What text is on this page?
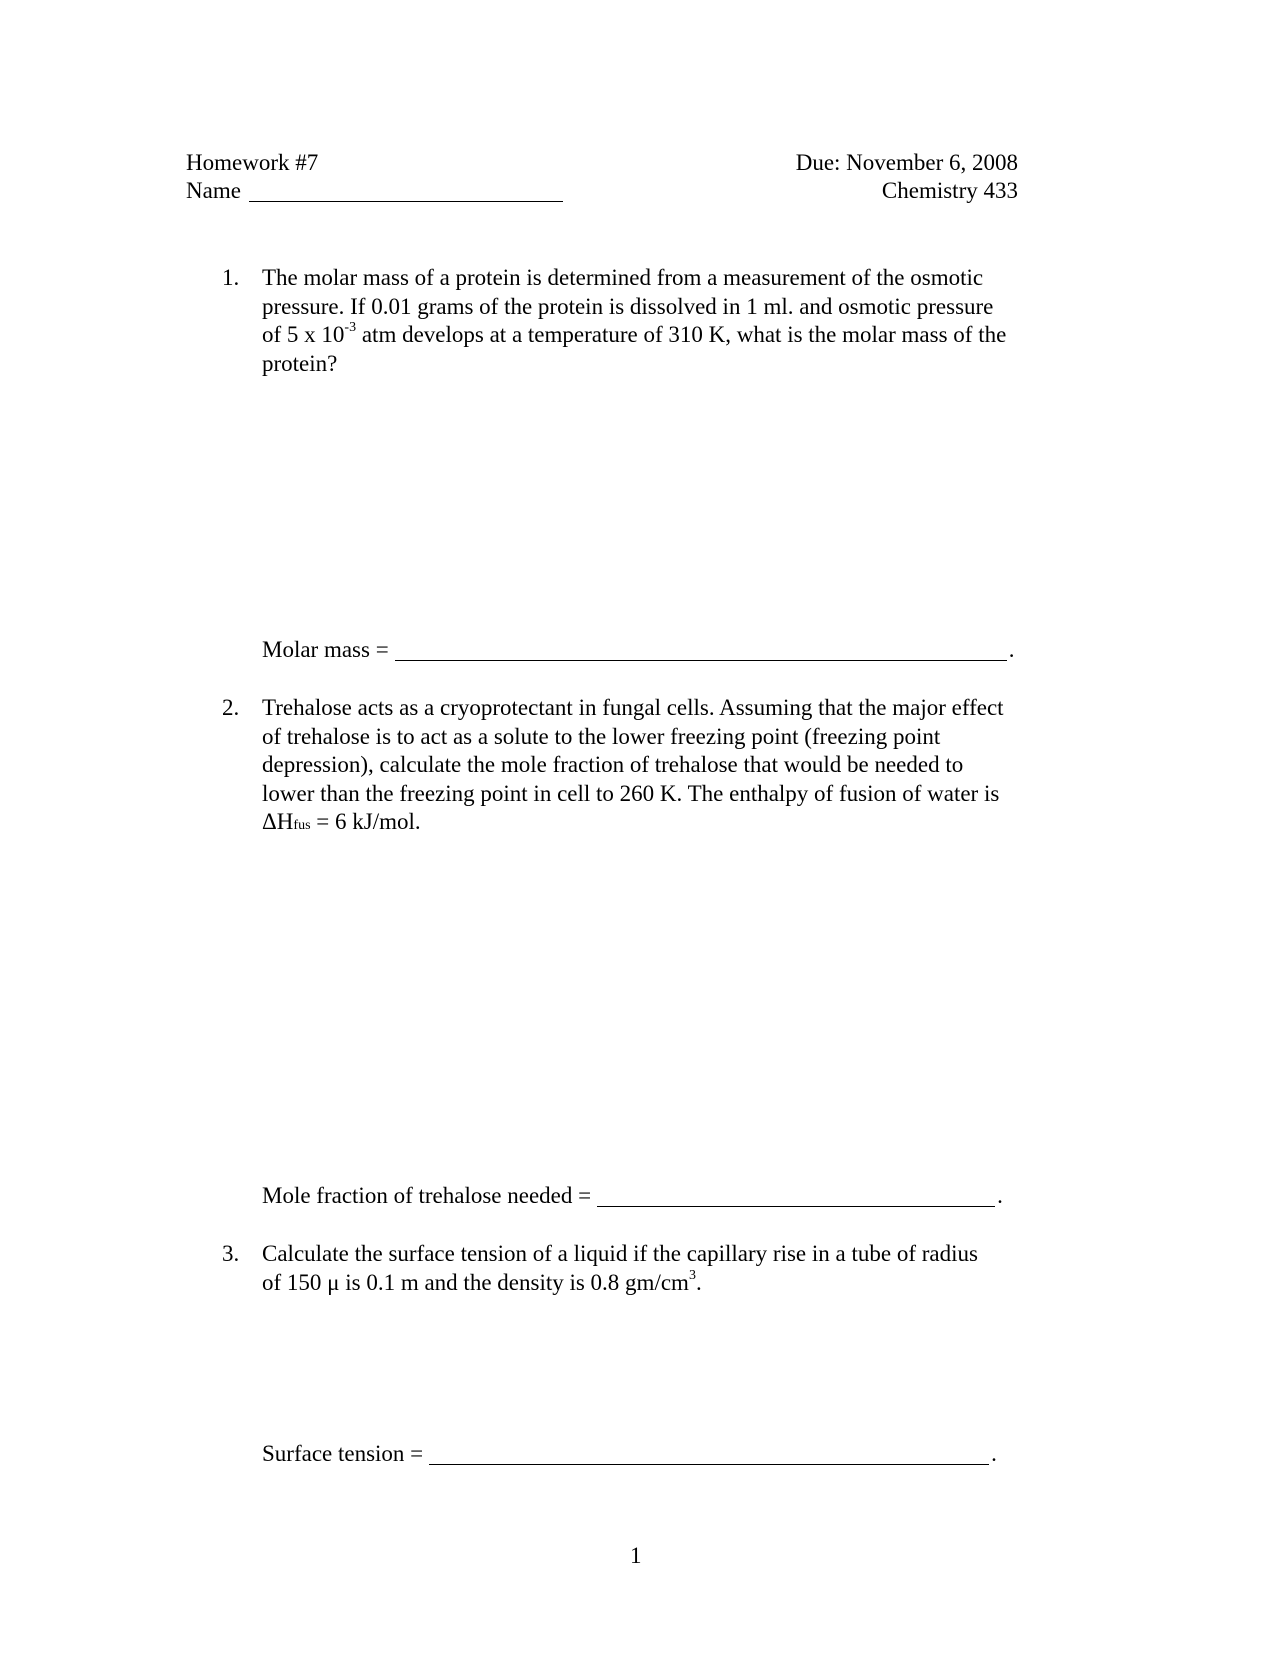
Homework #7
Name
Due: November 6, 2008
Chemistry 433
1. The molar mass of a protein is determined from a measurement of the osmotic
pressure. If 0.01 grams of the protein is dissolved in 1 ml. and osmotic pressure
of 5 x $10^{-3}$ atm develops at a temperature of 310 K, what is the molar mass of the
protein?
Molar mass =	.
2. Trehalose acts as a cryoprotectant in fungal cells. Assuming that the major effect
of trehalose is to act as a solute to the lower freezing point (freezing point
depression), calculate the mole fraction of trehalose that would be needed to
lower than the freezing point in cell to 260 K. The enthalpy of fusion of water is
ΔHfus = 6 kJ/mol.
Mole fraction of trehalose needed =	.
3. Calculate the surface tension of a liquid if the capillary rise in a tube of radius
of 150 μ is 0.1 m and the density is 0.8 $gm/cm^3$.
Surface tension =	.
1
